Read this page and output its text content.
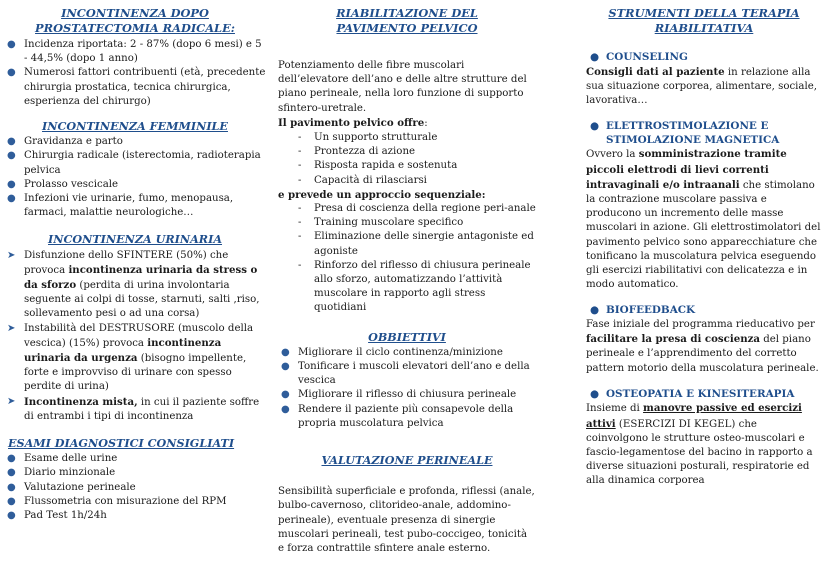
INCONTINENZA DOPO
PROSTATECTOMIA RADICALE:
● Incidenza riportata: 2 - 87% (dopo 6 mesi) e 5 - 44,5% (dopo 1 anno)
● Numerosi fattori contribuenti (età, precedente chirurgia prostatica, tecnica chirurgica, esperienza del chirurgo)
INCONTINENZA FEMMINILE
● Gravidanza e parto
● Chirurgia radicale (isterectomia, radioterapia pelvica
● Prolasso vescicale
● Infezioni vie urinarie, fumo, menopausa, farmaci, malattie neurologiche…
INCONTINENZA URINARIA
➤ Disfunzione dello SFINTERE (50%) che provoca incontinenza urinaria da stress o da sforzo (perdita di urina involontaria seguente ai colpi di tosse, starnuti, salti ,riso, sollevamento pesi o ad una corsa)
➤ Instabilità del DESTRUSORE (muscolo della vescica) (15%) provoca incontinenza urinaria da urgenza (bisogno impellente, forte e improvviso di urinare con spesso perdite di urina)
➤ Incontinenza mista, in cui il paziente soffre di entrambi i tipi di incontinenza
ESAMI DIAGNOSTICI CONSIGLIATI
● Esame delle urine
● Diario minzionale
● Valutazione perineale
● Flussometria con misurazione del RPM
● Pad Test 1h/24h
RIABILITAZIONE DEL
PAVIMENTO PELVICO

Potenziamento delle fibre muscolari dell’elevatore dell’ano e delle altre strutture del piano perineale, nella loro funzione di supporto sfintero-uretrale.

Il pavimento pelvico offre:

- Un supporto strutturale
- Prontezza di azione
- Risposta rapida e sostenuta
- Capacità di rilasciarsi

e prevede un approccio sequenziale:

- Presa di coscienza della regione peri-anale
- Training muscolare specifico
- Eliminazione delle sinergie antagoniste ed agoniste
- Rinforzo del riflesso di chiusura perineale allo sforzo, automatizzando l’attività muscolare in rapporto agli stress quotidiani
OBBIETTIVI
● Migliorare il ciclo continenza/minizione
● Tonificare i muscoli elevatori dell’ano e della vescica
● Migliorare il riflesso di chiusura perineale
● Rendere il paziente più consapevole della propria muscolatura pelvica
VALUTAZIONE PERINEALE

Sensibilità superficiale e profonda, riflessi (anale, bulbo-cavernoso, clitorideo-anale, addomino-perineale), eventuale presenza di sinergie muscolari perineali, test pubo-coccigeo, tonicità e forza contrattile sfintere anale esterno.

STRUMENTI DELLA TERAPIA
RIABILITATIVA
● COUNSELING

Consigli dati al paziente in relazione alla sua situazione corporea, alimentare, sociale, lavorativa…

● ELETTROSTIMOLAZIONE E
STIMOLAZIONE MAGNETICA

Ovvero la somministrazione tramite piccoli elettrodi di lievi correnti intravaginali e/o intraanali che stimolano la contrazione muscolare passiva e producono un incremento delle masse muscolari in azione. Gli elettrostimolatori del pavimento pelvico sono apparecchiature che tonificano la muscolatura pelvica eseguendo gli esercizi riabilitativi con delicatezza e in modo automatico.

● BIOFEEDBACK

Fase iniziale del programma rieducativo per facilitare la presa di coscienza del piano perineale e l’apprendimento del corretto pattern motorio della muscolatura perineale.

● OSTEOPATIA E KINESITERAPIA

Insieme di manovre passive ed esercizi attivi (ESERCIZI DI KEGEL) che coinvolgono le strutture osteo-muscolari e fascio-legamentose del bacino in rapporto a diverse situazioni posturali, respiratorie ed alla dinamica corporea
